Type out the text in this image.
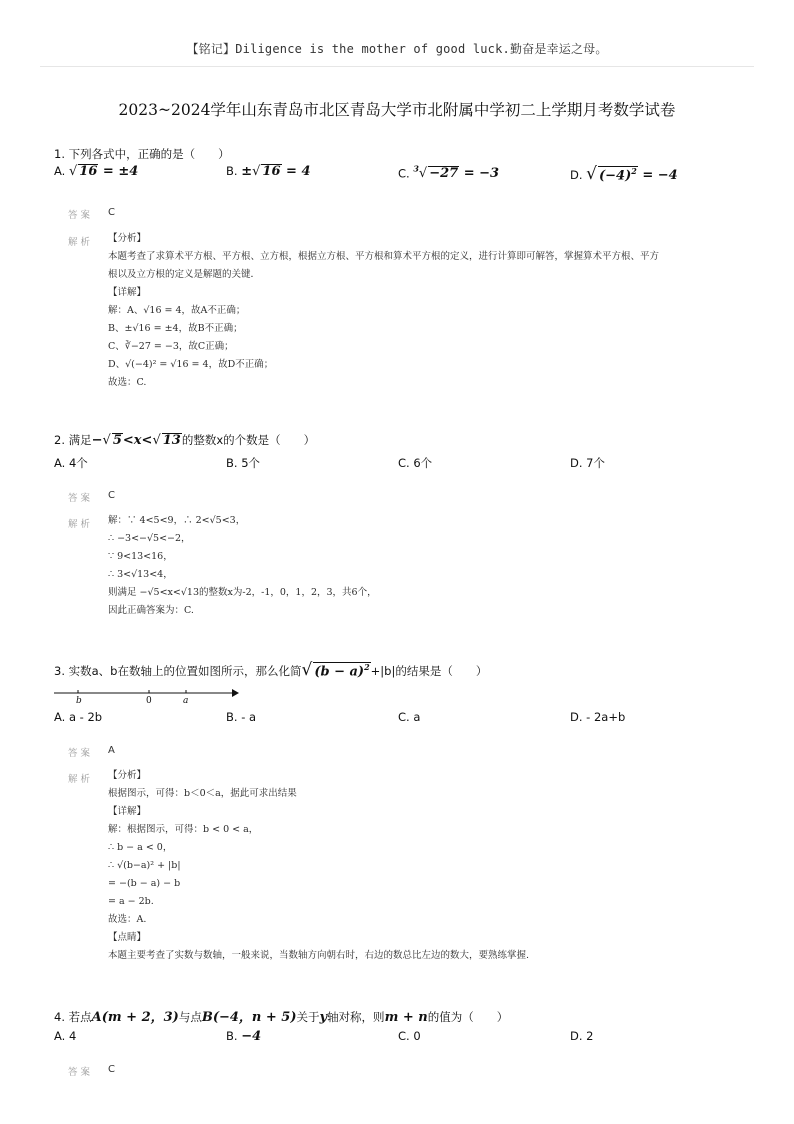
【铭记】Diligence is the mother of good luck.勤奋是幸运之母。
2023~2024学年山东青岛市北区青岛大学市北附属中学初二上学期月考数学试卷
1. 下列各式中，正确的是（　　）
A. √ 16 = ±4	B. ±√ 16 = 4	C. $^3$√ −27 = −3	D. √ $(-4)^2 = -4$
答案 C
解析 【分析】
本题考查了求算术平方根、平方根、立方根，根据立方根、平方根和算术平方根的定义，进行计算即可解答，掌握算术平方根、平方
根以及立方根的定义是解题的关键．
【详解】
解：A、√16 = 4，故A不正确；
B、±√16 = ±4，故B不正确；
C、∛−27 = −3，故C正确；
D、√(−4)² = √16 = 4，故D不正确；
故选：C.
2. 满足−√ 5<x<√ 13的整数x的个数是（　　）
A. 4个	B. 5个	C. 6个	D. 7个
答案 C
解析 解：∵ 4<5<9，∴ 2<√5<3，
∴ −3<−√5<−2，
∵ 9<13<16，
∴ 3<√13<4，
则满足 −√5<x<√13的整数x为-2，-1，0，1，2，3，共6个，
因此正确答案为：C.
3. 实数a、b在数轴上的位置如图所示，那么化简√ $(b - a)^2+|b|$的结果是（　　）
b	0	a
A. a - 2b	B. - a	C. a	D. - 2a+b
答案 A
解析 【分析】
根据图示，可得：b＜0＜a，据此可求出结果
【详解】
解：根据图示，可得：b < 0 < a，
∴ b − a < 0，
∴ √(b−a)² + |b|
= −(b − a) − b
= a − 2b.
故选：A.
【点睛】
本题主要考查了实数与数轴，一般来说，当数轴方向朝右时，右边的数总比左边的数大，要熟练掌握.
4. 若点A(m + 2，3)与点B(−4，n + 5)关于y轴对称，则m + n的值为（　　）
A. 4	B. −4	C. 0	D. 2
答案 C
